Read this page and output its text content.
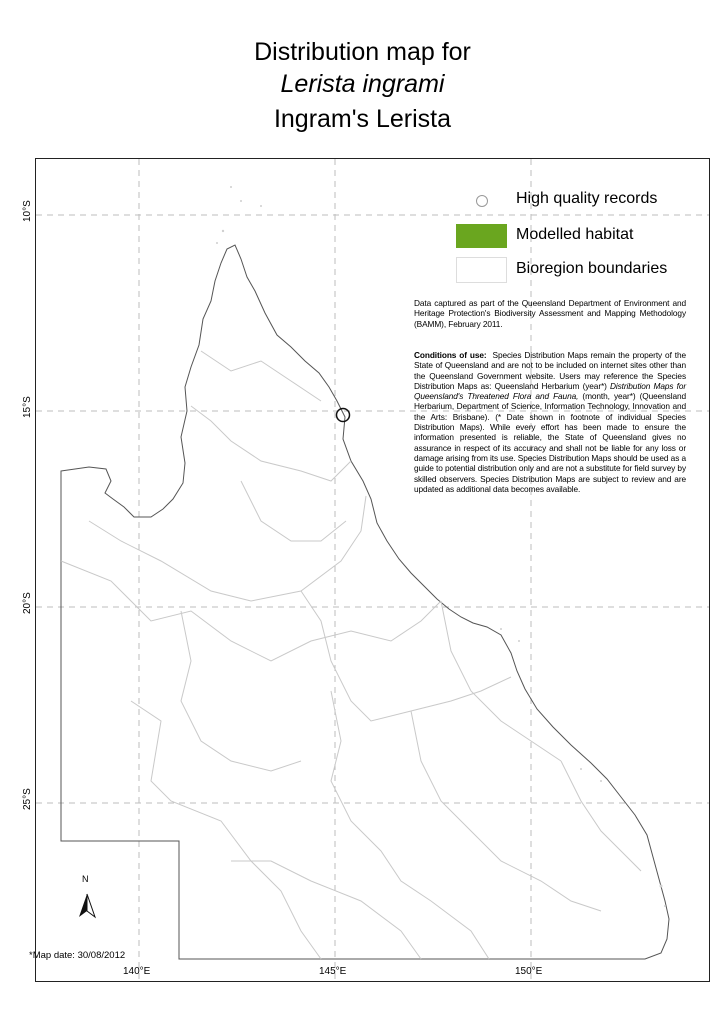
Distribution map for
Lerista ingrami
Ingram's Lerista
10°S
15°S
20°S
25°S
140°E	145°E	150°E
High quality records
Modelled habitat
Bioregion boundaries
Data captured as part of the Queensland Department of Environment and Heritage Protection's Biodiversity Assessment and Mapping Methodology (BAMM), February 2011.
Conditions of use: Species Distribution Maps remain the property of the State of Queensland and are not to be included on internet sites other than the Queensland Government website. Users may reference the Species Distribution Maps as: Queensland Herbarium (year*) Distribution Maps for Queensland's Threatened Flora and Fauna, (month, year*) (Queensland Herbarium, Department of Science, Information Technology, Innovation and the Arts: Brisbane). (* Date shown in footnote of individual Species Distribution Maps). While every effort has been made to ensure the information presented is reliable, the State of Queensland gives no assurance in respect of its accuracy and shall not be liable for any loss or damage arising from its use. Species Distribution Maps should be used as a guide to potential distribution only and are not a substitute for field survey by skilled observers. Species Distribution Maps are subject to review and are updated as additional data becomes available.
N
*Map date: 30/08/2012
